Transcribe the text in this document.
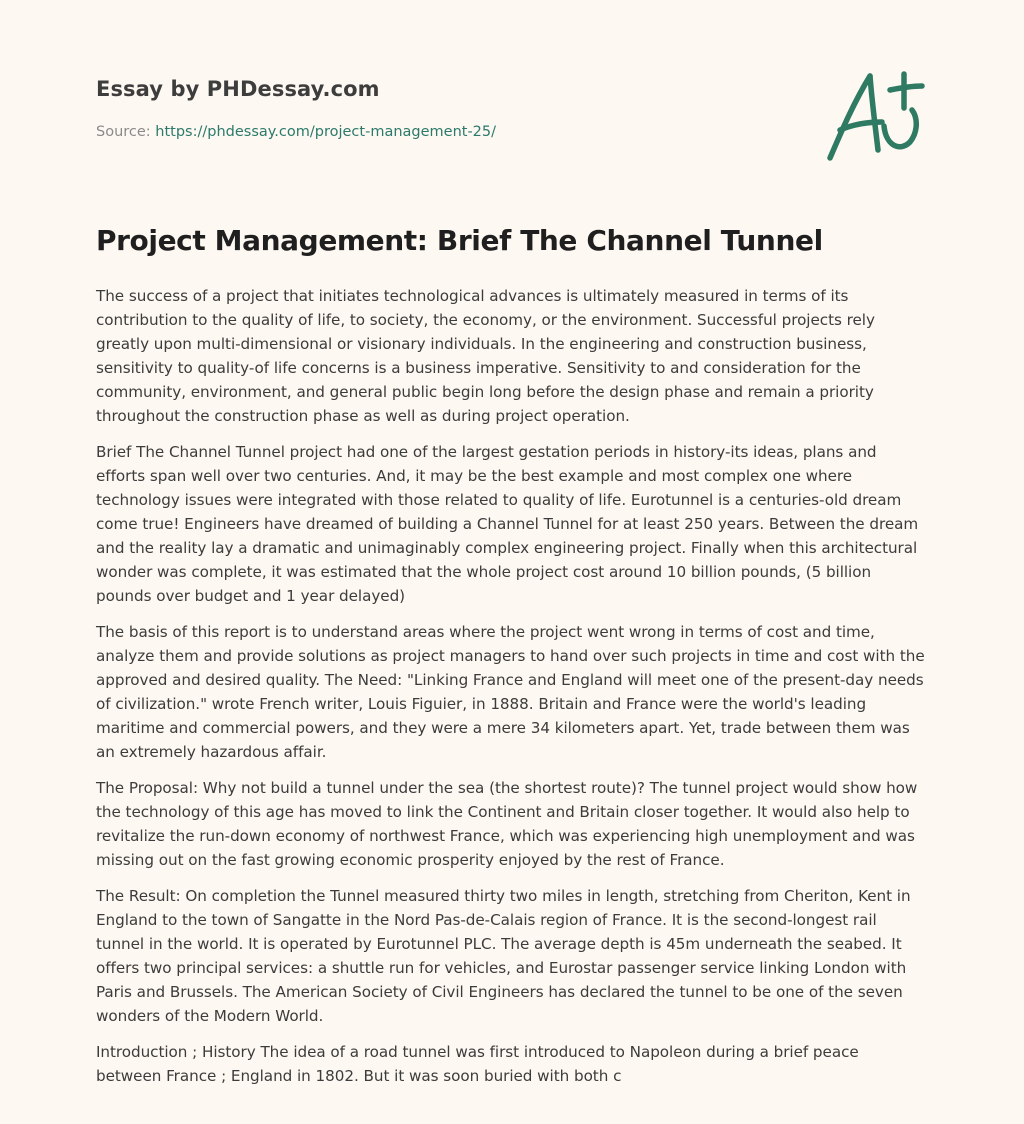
Essay by PHDessay.com
Source: https://phdessay.com/project-management-25/
Project Management: Brief The Channel Tunnel

The success of a project that initiates technological advances is ultimately measured in terms of its contribution to the quality of life, to society, the economy, or the environment. Successful projects rely greatly upon multi-dimensional or visionary individuals. In the engineering and construction business, sensitivity to quality-of life concerns is a business imperative. Sensitivity to and consideration for the community, environment, and general public begin long before the design phase and remain a priority throughout the construction phase as well as during project operation.

Brief The Channel Tunnel project had one of the largest gestation periods in history-its ideas, plans and efforts span well over two centuries. And, it may be the best example and most complex one where technology issues were integrated with those related to quality of life. Eurotunnel is a centuries-old dream come true! Engineers have dreamed of building a Channel Tunnel for at least 250 years. Between the dream and the reality lay a dramatic and unimaginably complex engineering project. Finally when this architectural wonder was complete, it was estimated that the whole project cost around 10 billion pounds, (5 billion pounds over budget and 1 year delayed)

The basis of this report is to understand areas where the project went wrong in terms of cost and time, analyze them and provide solutions as project managers to hand over such projects in time and cost with the approved and desired quality. The Need: "Linking France and England will meet one of the present-day needs of civilization." wrote French writer, Louis Figuier, in 1888. Britain and France were the world's leading maritime and commercial powers, and they were a mere 34 kilometers apart. Yet, trade between them was an extremely hazardous affair.

The Proposal: Why not build a tunnel under the sea (the shortest route)? The tunnel project would show how the technology of this age has moved to link the Continent and Britain closer together. It would also help to revitalize the run-down economy of northwest France, which was experiencing high unemployment and was missing out on the fast growing economic prosperity enjoyed by the rest of France.

The Result: On completion the Tunnel measured thirty two miles in length, stretching from Cheriton, Kent in England to the town of Sangatte in the Nord Pas-de-Calais region of France. It is the second-longest rail tunnel in the world. It is operated by Eurotunnel PLC. The average depth is 45m underneath the seabed. It offers two principal services: a shuttle run for vehicles, and Eurostar passenger service linking London with Paris and Brussels. The American Society of Civil Engineers has declared the tunnel to be one of the seven wonders of the Modern World.

Introduction ; History The idea of a road tunnel was first introduced to Napoleon during a brief peace between France ; England in 1802. But it was soon buried with both c
